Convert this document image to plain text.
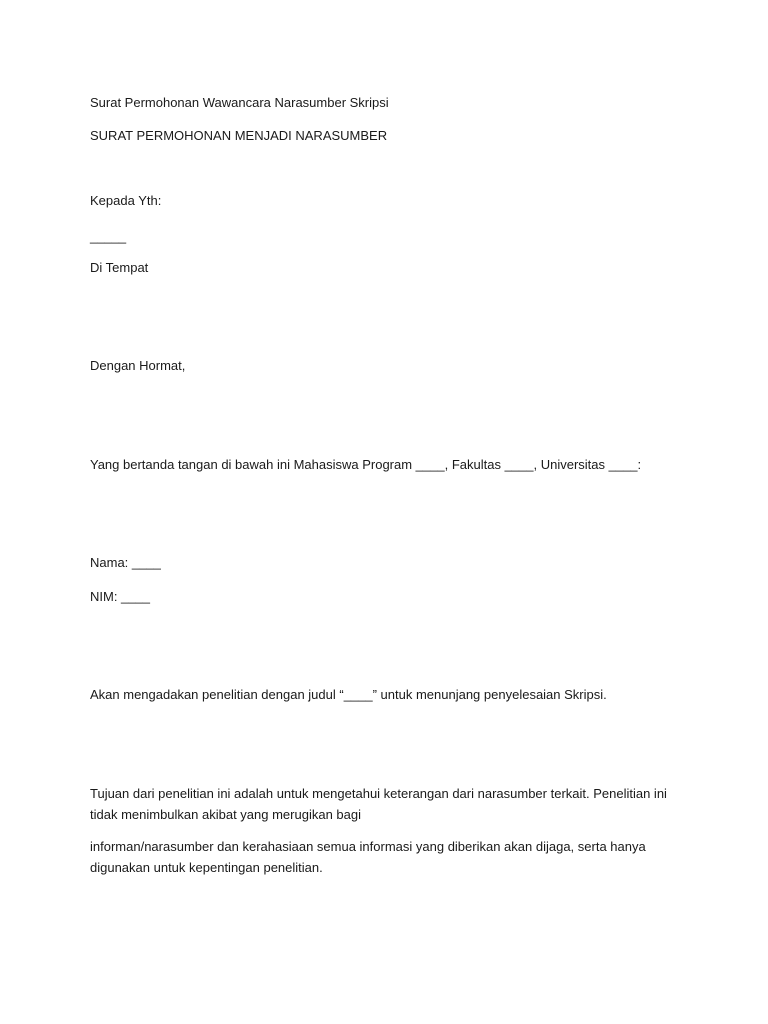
Surat Permohonan Wawancara Narasumber Skripsi

SURAT PERMOHONAN MENJADI NARASUMBER

Kepada Yth:

_____

Di Tempat

Dengan Hormat,

Yang bertanda tangan di bawah ini Mahasiswa Program ____, Fakultas ____, Universitas ____:

Nama: ____

NIM: ____

Akan mengadakan penelitian dengan judul “____” untuk menunjang penyelesaian Skripsi.

Tujuan dari penelitian ini adalah untuk mengetahui keterangan dari narasumber terkait. Penelitian ini tidak menimbulkan akibat yang merugikan bagi

informan/narasumber dan kerahasiaan semua informasi yang diberikan akan dijaga, serta hanya digunakan untuk kepentingan penelitian.
